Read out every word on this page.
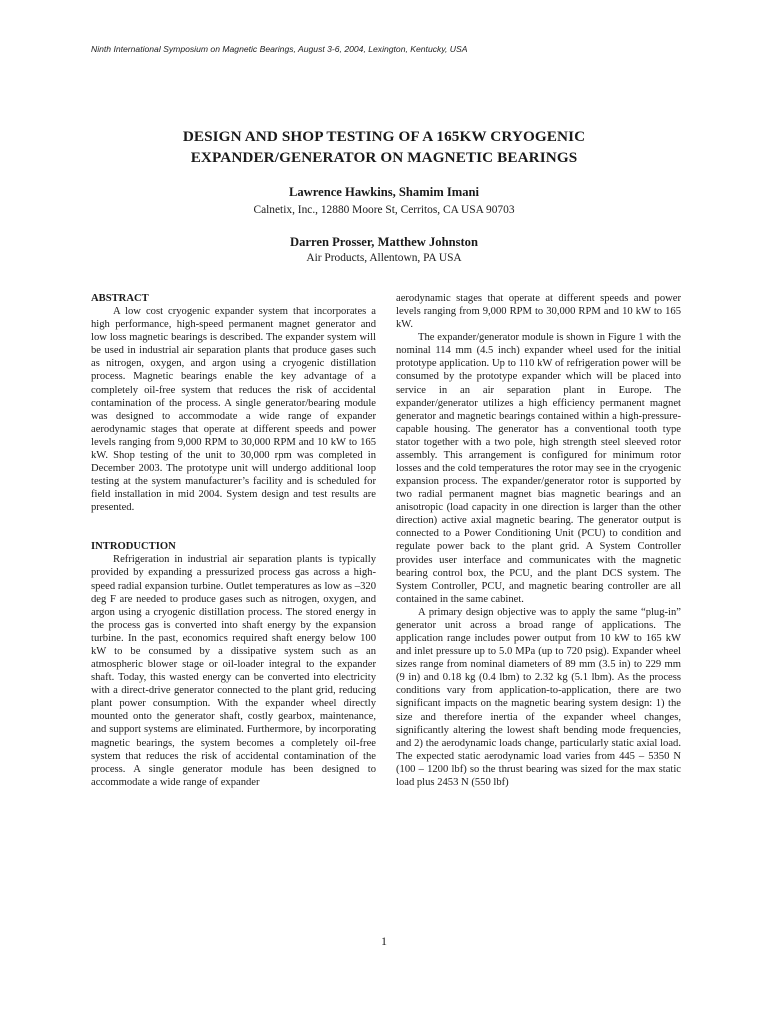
Ninth International Symposium on Magnetic Bearings, August 3-6, 2004, Lexington, Kentucky, USA
DESIGN AND SHOP TESTING OF A 165KW CRYOGENIC
EXPANDER/GENERATOR ON MAGNETIC BEARINGS
Lawrence Hawkins, Shamim Imani
Calnetix, Inc., 12880 Moore St, Cerritos, CA USA 90703
Darren Prosser, Matthew Johnston
Air Products, Allentown, PA USA
ABSTRACT

A low cost cryogenic expander system that incorporates a high performance, high-speed permanent magnet generator and low loss magnetic bearings is described. The expander system will be used in industrial air separation plants that produce gases such as nitrogen, oxygen, and argon using a cryogenic distillation process. Magnetic bearings enable the key advantage of a completely oil-free system that reduces the risk of accidental contamination of the process. A single generator/bearing module was designed to accommodate a wide range of expander aerodynamic stages that operate at different speeds and power levels ranging from 9,000 RPM to 30,000 RPM and 10 kW to 165 kW. Shop testing of the unit to 30,000 rpm was completed in December 2003. The prototype unit will undergo additional loop testing at the system manufacturer’s facility and is scheduled for field installation in mid 2004. System design and test results are presented.

INTRODUCTION

Refrigeration in industrial air separation plants is typically provided by expanding a pressurized process gas across a high-speed radial expansion turbine. Outlet temperatures as low as –320 deg F are needed to produce gases such as nitrogen, oxygen, and argon using a cryogenic distillation process. The stored energy in the process gas is converted into shaft energy by the expansion turbine. In the past, economics required shaft energy below 100 kW to be consumed by a dissipative system such as an atmospheric blower stage or oil-loader integral to the expander shaft. Today, this wasted energy can be converted into electricity with a direct-drive generator connected to the plant grid, reducing plant power consumption. With the expander wheel directly mounted onto the generator shaft, costly gearbox, maintenance, and support systems are eliminated. Furthermore, by incorporating magnetic bearings, the system becomes a completely oil-free system that reduces the risk of accidental contamination of the process. A single generator module has been designed to accommodate a wide range of expander

aerodynamic stages that operate at different speeds and power levels ranging from 9,000 RPM to 30,000 RPM and 10 kW to 165 kW.

The expander/generator module is shown in Figure 1 with the nominal 114 mm (4.5 inch) expander wheel used for the initial prototype application. Up to 110 kW of refrigeration power will be consumed by the prototype expander which will be placed into service in an air separation plant in Europe. The expander/generator utilizes a high efficiency permanent magnet generator and magnetic bearings contained within a high-pressure-capable housing. The generator has a conventional tooth type stator together with a two pole, high strength steel sleeved rotor assembly. This arrangement is configured for minimum rotor losses and the cold temperatures the rotor may see in the cryogenic expansion process. The expander/generator rotor is supported by two radial permanent magnet bias magnetic bearings and an anisotropic (load capacity in one direction is larger than the other direction) active axial magnetic bearing. The generator output is connected to a Power Conditioning Unit (PCU) to condition and regulate power back to the plant grid. A System Controller provides user interface and communicates with the magnetic bearing control box, the PCU, and the plant DCS system. The System Controller, PCU, and magnetic bearing controller are all contained in the same cabinet.

A primary design objective was to apply the same “plug-in” generator unit across a broad range of applications. The application range includes power output from 10 kW to 165 kW and inlet pressure up to 5.0 MPa (up to 720 psig). Expander wheel sizes range from nominal diameters of 89 mm (3.5 in) to 229 mm (9 in) and 0.18 kg (0.4 lbm) to 2.32 kg (5.1 lbm). As the process conditions vary from application-to-application, there are two significant impacts on the magnetic bearing system design: 1) the size and therefore inertia of the expander wheel changes, significantly altering the lowest shaft bending mode frequencies, and 2) the aerodynamic loads change, particularly static axial load. The expected static aerodynamic load varies from 445 – 5350 N (100 – 1200 lbf) so the thrust bearing was sized for the max static load plus 2453 N (550 lbf)

1
